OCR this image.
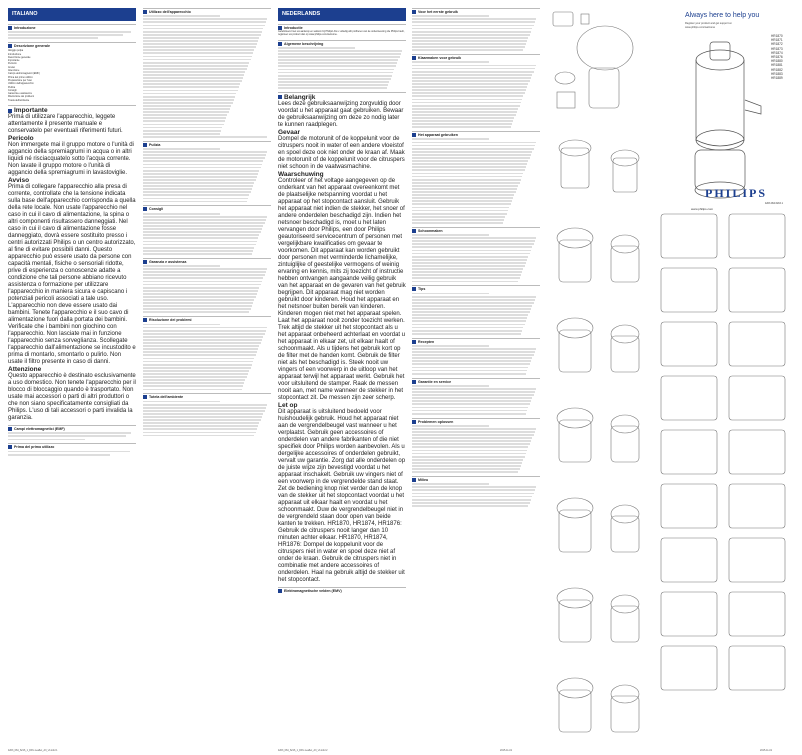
ITALIANO
Introduzione
Descrizione generale
Alloggio polpa
Introduzione
Descrizione generale
Importante
Pericolo
Avviso
Attenzione
Campi elettromagnetici (EMF)
Prima del primo utilizzo
Preparazione per l'uso
Utilizzo dell'apparecchio
Pulizia
Consigli
Garanzia e assistenza
Risoluzione dei problemi
Tutela dell'ambiente
Importante
Prima di utilizzare l'apparecchio, leggete attentamente il presente manuale e conservatelo per eventuali riferimenti futuri.
Pericolo
Non immergete mai il gruppo motore o l'unità di aggancio della spremiagrumi in acqua o in altri liquidi né risciacquatelo sotto l'acqua corrente. Non lavate il gruppo motore o l'unità di aggancio della spremiagrumi in lavastoviglie.
Avviso
Prima di collegare l'apparecchio alla presa di corrente, controllate che la tensione indicata sulla base dell'apparecchio corrisponda a quella della rete locale. Non usate l'apparecchio nel caso in cui il cavo di alimentazione, la spina o altri componenti risultassero danneggiati. Nel caso in cui il cavo di alimentazione fosse danneggiato, dovrà essere sostituito presso i centri autorizzati Philips o un centro autorizzato, al fine di evitare possibili danni. Questo apparecchio può essere usato da persone con capacità mentali, fisiche o sensoriali ridotte, prive di esperienza o conoscenze adatte a condizione che tali persone abbiano ricevuto assistenza o formazione per utilizzare l'apparecchio in maniera sicura e capiscano i potenziali pericoli associati a tale uso. L'apparecchio non deve essere usato dai bambini. Tenete l'apparecchio e il suo cavo di alimentazione fuori dalla portata dei bambini. Verificate che i bambini non giochino con l'apparecchio. Non lasciate mai in funzione l'apparecchio senza sorveglianza. Scollegate l'apparecchio dall'alimentazione se incustodito e prima di montarlo, smontarlo o pulirlo. Non usate il filtro presente in caso di danni.
Attenzione
Questo apparecchio è destinato esclusivamente a uso domestico. Non tenete l'apparecchio per il blocco di bloccaggio quando è trasportato. Non usate mai accessori o parti di altri produttori o che non siano specificatamente consigliati da Philips. L'uso di tali accessori o parti invalida la garanzia.
Campi elettromagnetici (EMF)
Prima del primo utilizzo
4203_064_6216_1_DFU-Leaflet_A3_v3.indd 1
Utilizzo dell'apparecchio
Pulizia
Consigli
Garanzia e assistenza
Risoluzione dei problemi
Tutela dell'ambiente
NEDERLANDS
Introductie
Gefeliciteerd met uw aankoop en welkom bij Philips! Als u volledig wilt profiteren van de ondersteuning die Philips biedt, registreer uw product dan op www.philips.com/welcome.
Algemene beschrijving
Belangrijk
Lees deze gebruiksaanwijzing zorgvuldig door voordat u het apparaat gaat gebruiken. Bewaar de gebruiksaanwijzing om deze zo nodig later te kunnen raadplegen.
Gevaar
Dompel de motorunit of de koppelunit voor de citruspers nooit in water of een andere vloeistof en spoel deze ook niet onder de kraan af. Maak de motorunit of de koppelunit voor de citruspers niet schoon in de vaatwasmachine.
Waarschuwing
Controleer of het voltage aangegeven op de onderkant van het apparaat overeenkomt met de plaatselijke netspanning voordat u het apparaat op het stopcontact aansluit. Gebruik het apparaat niet indien de stekker, het snoer of andere onderdelen beschadigd zijn. Indien het netsnoer beschadigd is, moet u het laten vervangen door Philips, een door Philips geautoriseerd servicecentrum of personen met vergelijkbare kwalificaties om gevaar te voorkomen. Dit apparaat kan worden gebruikt door personen met verminderde lichamelijke, zintuiglijke of geestelijke vermogens of weinig ervaring en kennis, mits zij toezicht of instructie hebben ontvangen aangaande veilig gebruik van het apparaat en de gevaren van het gebruik begrijpen. Dit apparaat mag niet worden gebruikt door kinderen. Houd het apparaat en het netsnoer buiten bereik van kinderen. Kinderen mogen niet met het apparaat spelen. Laat het apparaat nooit zonder toezicht werken. Trek altijd de stekker uit het stopcontact als u het apparaat onbeheerd achterlaat en voordat u het apparaat in elkaar zet, uit elkaar haalt of schoonmaakt. Als u tijdens het gebruik kort op de filter met de handen komt. Gebruik de filter niet als het beschadigd is. Steek nooit uw vingers of een voorwerp in de uitloop van het apparaat terwijl het apparaat werkt. Gebruik het voor uitsluitend de stamper. Raak de messen nooit aan, met name wanneer de stekker in het stopcontact zit. De messen zijn zeer scherp.
Let op
Dit apparaat is uitsluitend bedoeld voor huishoudelijk gebruik. Houd het apparaat niet aan de vergrendelbeugel vast wanneer u het verplaatst. Gebruik geen accessoires of onderdelen van andere fabrikanten of die niet specifiek door Philips worden aanbevolen. Als u dergelijke accessoires of onderdelen gebruikt, vervalt uw garantie. Zorg dat alle onderdelen op de juiste wijze zijn bevestigd voordat u het apparaat inschakelt. Gebruik uw vingers niet of een voorwerp in de vergrendelde stand staat. Zet de bediening knop niet verder dan de knop van de stekker uit het stopcontact voordat u het apparaat uit elkaar haalt en voordat u het schoonmaakt. Duw de vergrendelbeugel niet in de vergrendeld staan door open van beide kanten te trekken. HR1870, HR1874, HR1876: Gebruik de citruspers nooit langer dan 10 minuten achter elkaar. HR1870, HR1874, HR1876: Dompel de koppelunit voor de citruspers niet in water en spoel deze niet af onder de kraan. Gebruik de citruspers niet in combinatie met andere accessoires of onderdelen. Haal na gebruik altijd de stekker uit het stopcontact.
Elektromagnetische velden (EMV)
4203_064_6216_1_DFU-Leaflet_A3_v3.indd 2
Voor het eerste gebruik
Klaarmaken voor gebruik
Het apparaat gebruiken
Schoonmaken
Tips
Recepten
Garantie en service
Problemen oplossen
Milieu
2015-11-01
Always here to help you
Register your product and get support at
www.philips.com/welcome
HR1870
HR1871
HR1872
HR1873
HR1874
HR1876
HR1880
HR1881
HR1882
HR1883
HR1889
PHILIPS
www.philips.com
4203.064.6216.1
2015-11-01
